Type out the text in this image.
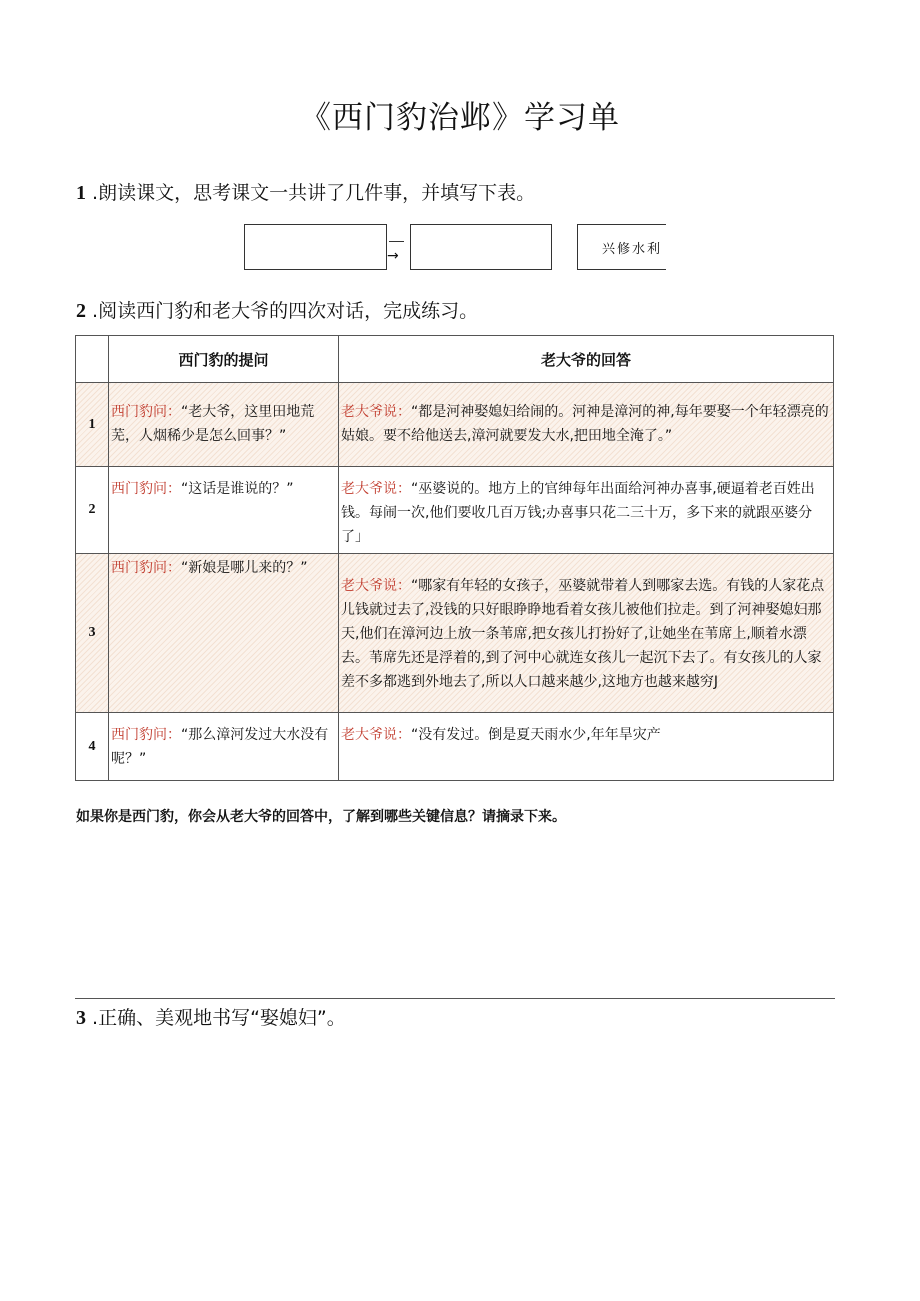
《西门豹治邺》学习单
1 .朗读课文，思考课文一共讲了几件事，并填写下表。
→	兴修水利
2 .阅读西门豹和老大爷的四次对话，完成练习。
	西门豹的提问	老大爷的回答
1	西门豹问：“老大爷，这里田地荒芜，人烟稀少是怎么回事？”	老大爷说：“都是河神娶媳妇给闹的。河神是漳河的神,每年要娶一个年轻漂亮的姑娘。要不给他送去,漳河就要发大水,把田地全淹了。”
2	西门豹问：“这话是谁说的？”	老大爷说：“巫婆说的。地方上的官绅每年出面给河神办喜事,硬逼着老百姓出钱。每闹一次,他们要收几百万钱;办喜事只花二三十万，多下来的就跟巫婆分了」
3	西门豹问：“新娘是哪儿来的？”	老大爷说：“哪家有年轻的女孩子，巫婆就带着人到哪家去选。有钱的人家花点儿钱就过去了,没钱的只好眼睁睁地看着女孩儿被他们拉走。到了河神娶媳妇那天,他们在漳河边上放一条苇席,把女孩儿打扮好了,让她坐在苇席上,顺着水漂去。苇席先还是浮着的,到了河中心就连女孩儿一起沉下去了。有女孩儿的人家差不多都逃到外地去了,所以人口越来越少,这地方也越来越穷J
4	西门豹问：“那么漳河发过大水没有呢？”	老大爷说：“没有发过。倒是夏天雨水少,年年旱灾产
如果你是西门豹，你会从老大爷的回答中，了解到哪些关键信息？请摘录下来。
3 .正确、美观地书写“娶媳妇”。
